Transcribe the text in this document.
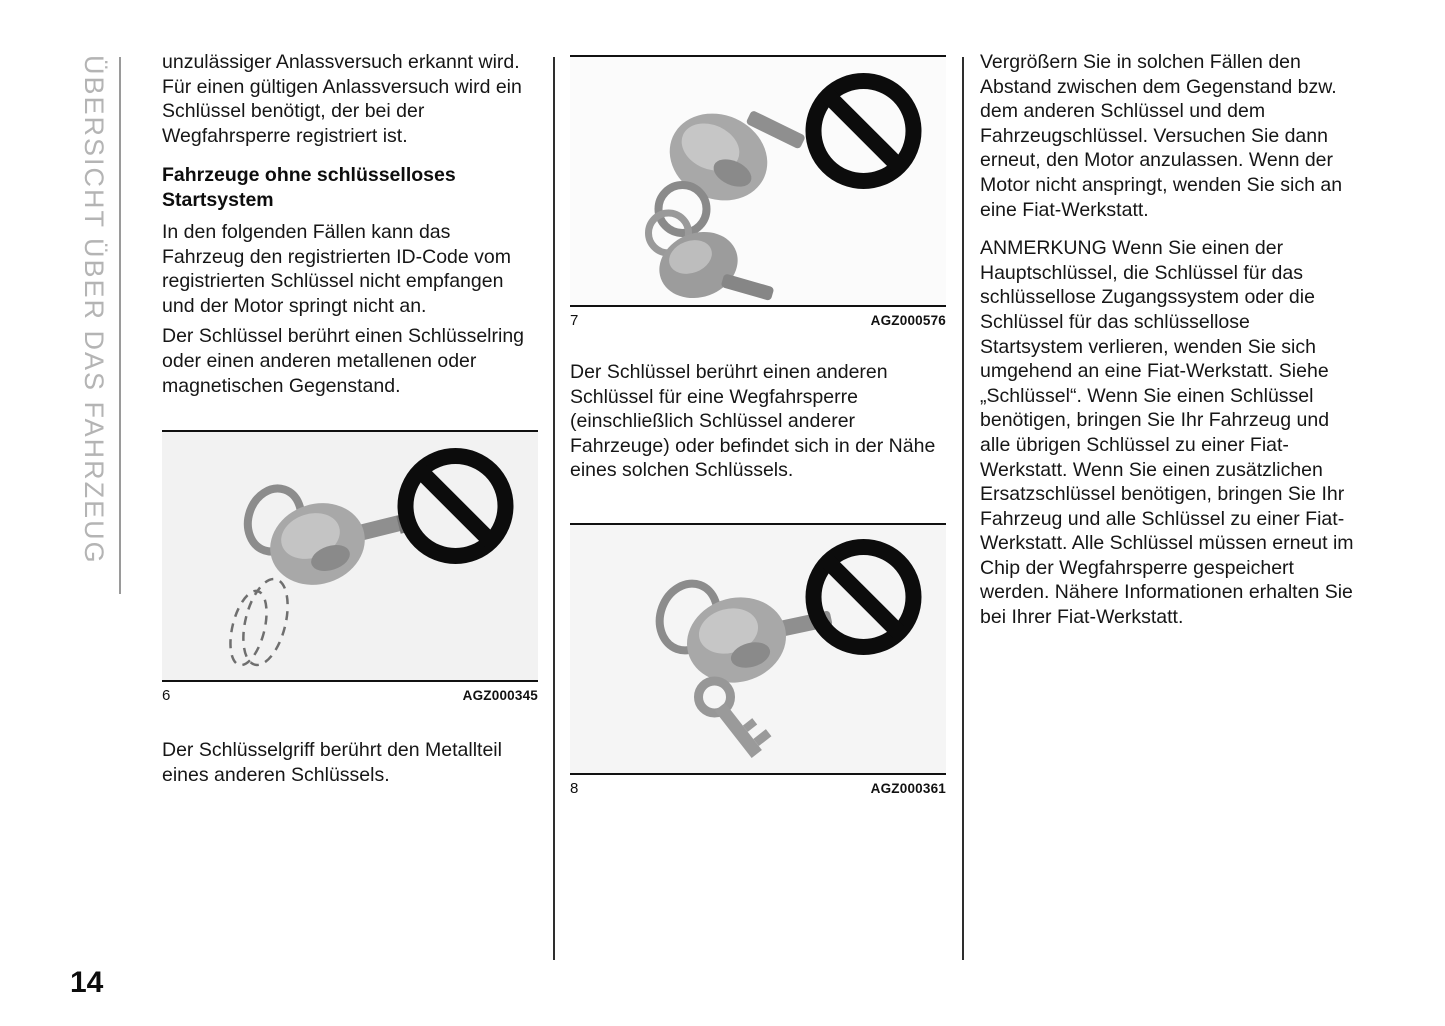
ÜBERSICHT ÜBER DAS FAHRZEUG	unzulässiger Anlassversuch erkannt wird. Für einen gültigen Anlassversuch wird ein Schlüssel benötigt, der bei der Wegfahrsperre registriert ist.

Fahrzeuge ohne schlüsselloses Startsystem

In den folgenden Fällen kann das Fahrzeug den registrierten ID-Code vom registrierten Schlüssel nicht empfangen und der Motor springt nicht an.

Der Schlüssel berührt einen Schlüsselring oder einen anderen metallenen oder magnetischen Gegenstand.

6	AGZ000345

Der Schlüsselgriff berührt den Metallteil eines anderen Schlüssels.

7	AGZ000576

Der Schlüssel berührt einen anderen Schlüssel für eine Wegfahrsperre (einschließlich Schlüssel anderer Fahrzeuge) oder befindet sich in der Nähe eines solchen Schlüssels.

8	AGZ000361

Vergrößern Sie in solchen Fällen den Abstand zwischen dem Gegenstand bzw. dem anderen Schlüssel und dem Fahrzeugschlüssel. Versuchen Sie dann erneut, den Motor anzulassen. Wenn der Motor nicht anspringt, wenden Sie sich an eine Fiat-Werkstatt.

ANMERKUNG Wenn Sie einen der Hauptschlüssel, die Schlüssel für das schlüssellose Zugangssystem oder die Schlüssel für das schlüssellose Startsystem verlieren, wenden Sie sich umgehend an eine Fiat-Werkstatt. Siehe „Schlüssel“. Wenn Sie einen Schlüssel benötigen, bringen Sie Ihr Fahrzeug und alle übrigen Schlüssel zu einer Fiat-Werkstatt. Wenn Sie einen zusätzlichen Ersatzschlüssel benötigen, bringen Sie Ihr Fahrzeug und alle Schlüssel zu einer Fiat-Werkstatt. Alle Schlüssel müssen erneut im Chip der Wegfahrsperre gespeichert werden. Nähere Informationen erhalten Sie bei Ihrer Fiat-Werkstatt.

14
